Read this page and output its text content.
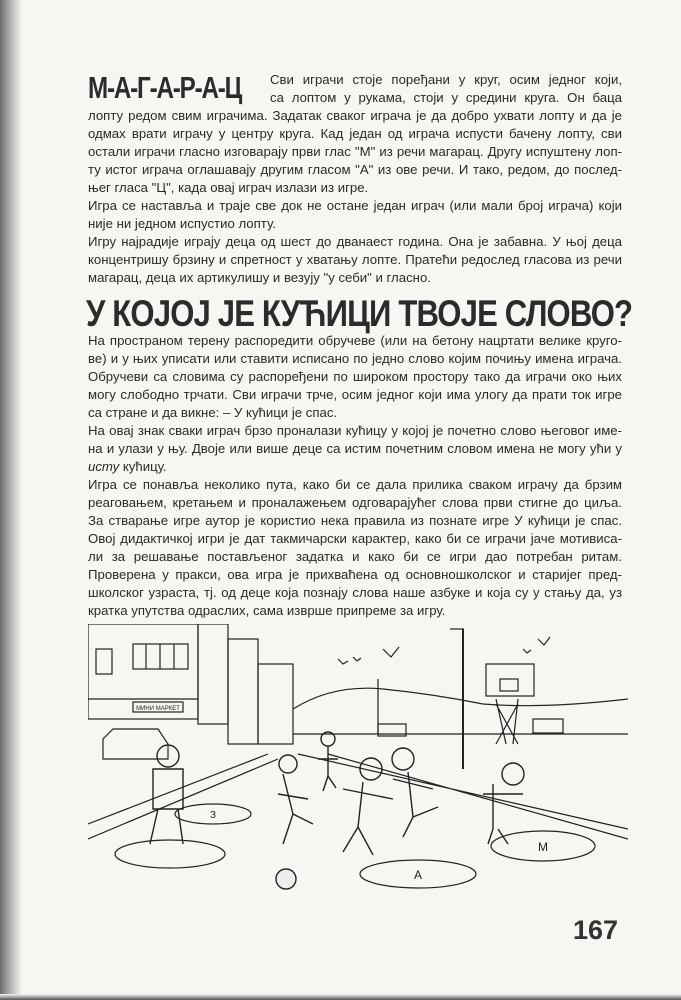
М-А-Г-А-Р-А-Ц Сви играчи стоје поређани у круг, осим једног који,
са лоптом у рукама, стоји у средини круга. Он баца
лопту редом свим играчима. Задатак сваког играча је да добро ухвати лопту и да је
одмах врати играчу у центру круга. Кад један од играча испусти бачену лопту, сви
остали играчи гласно изговарају први глас "М" из речи магарац. Другу испуштену лоп-
ту истог играча оглашавају другим гласом "А" из ове речи. И тако, редом, до послед-
њег гласа "Ц", када овај играч излази из игре.
Игра се наставља и траје све док не остане један играч (или мали број играча) који
није ни једном испустио лопту.
Игру најрадије играју деца од шест до дванаест година. Она је забавна. У њој деца
концентришу брзину и спретност у хватању лопте. Пратећи редослед гласова из речи
магарац, деца их артикулишу и везују "у себи" и гласно.
У КОЈОЈ ЈЕ КУЋИЦИ ТВОЈЕ СЛОВО?
На пространом терену распоредити обручеве (или на бетону нацртати велике круго-
ве) и у њих уписати или ставити исписано по једно слово којим почињу имена играча.
Обручеви са словима су распоређени по широком простору тако да играчи око њих
могу слободно трчати. Сви играчи трче, осим једног који има улогу да прати ток игре
са стране и да викне: – У кућици је спас.
На овај знак сваки играч брзо проналази кућицу у којој је почетно слово његовог име-
на и улази у њу. Двоје или више деце са истим почетним словом имена не могу ући у
исту кућицу.
Игра се понавља неколико пута, како би се дала прилика сваком играчу да брзим
реаговањем, кретањем и проналажењем одговарајућег слова први стигне до циља.
За стварање игре аутор је користио нека правила из познате игре У кућици је спас.
Овој дидактичкој игри је дат такмичарски карактер, како би се играчи јаче мотивиса-
ли за решавање постављеног задатка и како би се игри дао потребан ритам.
Проверена у пракси, ова игра је прихваћена од основношколског и старијег пред-
школског узраста, тј. од деце која познају слова наше азбуке и која су у стању да, уз
кратка упутства одраслих, сама изврше припреме за игру.
МИНИ МАРКЕТ
З
М
А
167
